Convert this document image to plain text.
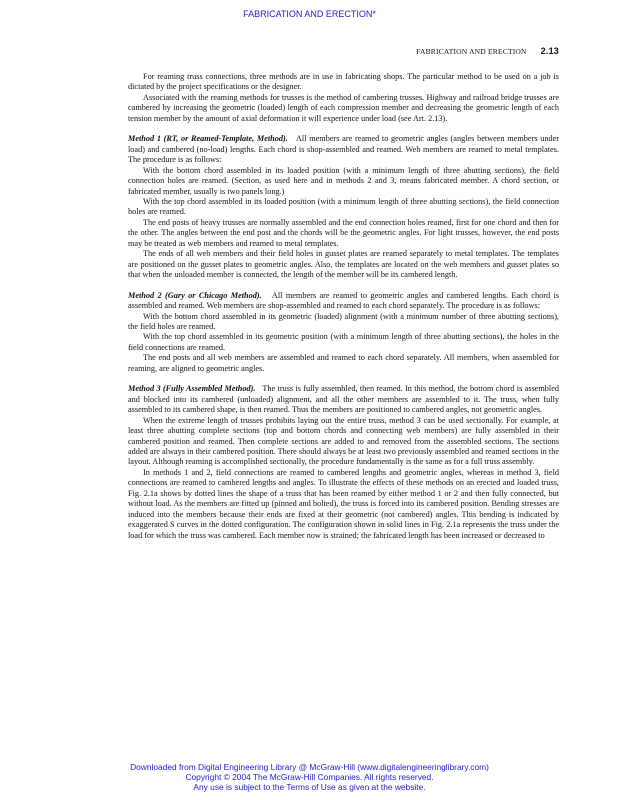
FABRICATION AND ERECTION*
FABRICATION AND ERECTION 2.13

For reaming truss connections, three methods are in use in fabricating shops. The particular method to be used on a job is dictated by the project specifications or the designer.

Associated with the reaming methods for trusses is the method of cambering trusses. Highway and railroad bridge trusses are cambered by increasing the geometric (loaded) length of each compression member and decreasing the geometric length of each tension member by the amount of axial deformation it will experience under load (see Art. 2.13).

Method 1 (RT, or Reamed-Template, Method). All members are reamed to geometric angles (angles between members under load) and cambered (no-load) lengths. Each chord is shop-assembled and reamed. Web members are reamed to metal templates. The procedure is as follows:

With the bottom chord assembled in its loaded position (with a minimum length of three abutting sections), the field connection holes are reamed. (Section, as used here and in methods 2 and 3, means fabricated member. A chord section, or fabricated member, usually is two panels long.)

With the top chord assembled in its loaded position (with a minimum length of three abutting sections), the field connection holes are reamed.

The end posts of heavy trusses are normally assembled and the end connection holes reamed, first for one chord and then for the other. The angles between the end post and the chords will be the geometric angles. For light trusses, however, the end posts may be treated as web members and reamed to metal templates.

The ends of all web members and their field holes in gusset plates are reamed separately to metal templates. The templates are positioned on the gusset plates to geometric angles. Also, the templates are located on the web members and gusset plates so that when the unloaded member is connected, the length of the member will be its cambered length.

Method 2 (Gary or Chicago Method). All members are reamed to geometric angles and cambered lengths. Each chord is assembled and reamed. Web members are shop-assembled and reamed to each chord separately. The procedure is as follows:

With the bottom chord assembled in its geometric (loaded) alignment (with a minimum number of three abutting sections), the field holes are reamed.

With the top chord assembled in its geometric position (with a minimum length of three abutting sections), the holes in the field connections are reamed.

The end posts and all web members are assembled and reamed to each chord separately. All members, when assembled for reaming, are aligned to geometric angles.

Method 3 (Fully Assembled Method). The truss is fully assembled, then reamed. In this method, the bottom chord is assembled and blocked into its cambered (unloaded) alignment, and all the other members are assembled to it. The truss, when fully assembled to its cambered shape, is then reamed. Thus the members are positioned to cambered angles, not geometric angles.

When the extreme length of trusses prohibits laying out the entire truss, method 3 can be used sectionally. For example, at least three abutting complete sections (top and bottom chords and connecting web members) are fully assembled in their cambered position and reamed. Then complete sections are added to and removed from the assembled sections. The sections added are always in their cambered position. There should always be at least two previously assembled and reamed sections in the layout. Although reaming is accomplished sectionally, the procedure fundamentally is the same as for a full truss assembly.

In methods 1 and 2, field connections are reamed to cambered lengths and geometric angles, whereas in method 3, field connections are reamed to cambered lengths and angles. To illustrate the effects of these methods on an erected and loaded truss, Fig. 2.1a shows by dotted lines the shape of a truss that has been reamed by either method 1 or 2 and then fully connected, but without load. As the members are fitted up (pinned and bolted), the truss is forced into its cambered position. Bending stresses are induced into the members because their ends are fixed at their geometric (not cambered) angles. This bending is indicated by exaggerated S curves in the dotted configuration. The configuration shown in solid lines in Fig. 2.1a represents the truss under the load for which the truss was cambered. Each member now is strained; the fabricated length has been increased or decreased to

Downloaded from Digital Engineering Library @ McGraw-Hill (www.digitalengineeringlibrary.com)
Copyright © 2004 The McGraw-Hill Companies. All rights reserved.
Any use is subject to the Terms of Use as given at the website.
